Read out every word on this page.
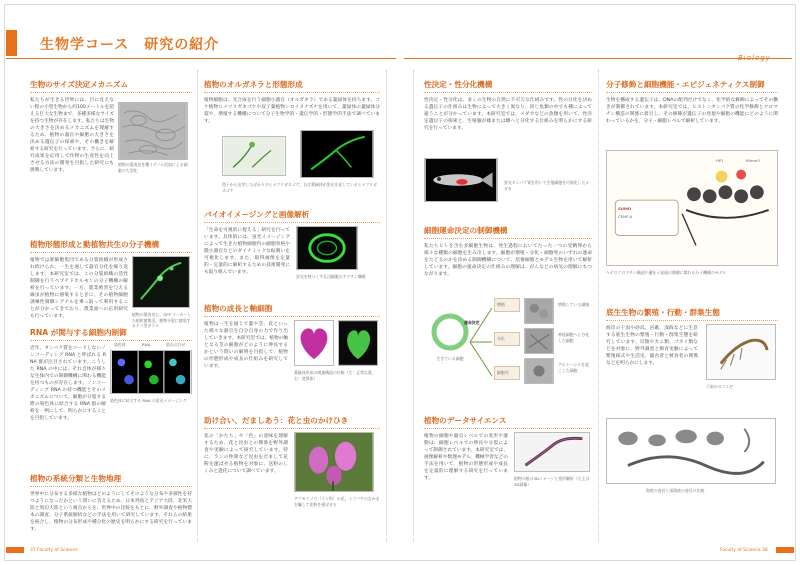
生物学コース　研究の紹介
Biology
生物のサイズ決定メカニズム
私たちが生きる世界には、目に見えない程の小型生物から約100メートルを超える巨大な生物まで、多種多様なサイズを持つ生物が存在します。私たちは生物の大きさを決めるメカニズムを理解するため、植物の器官や細胞の大きさを決める遺伝子の探索や、その働きを解析する研究を行っています。さらに、研究成果を応用して作物の生産性を向上させる方法の開発を目指した研究にも挑戦しています。
植物の葉表皮を覆うゲノム倍加による細胞の大型化
植物形態形成と動植物共生の分子機構
植物では胚細胞集団である分裂組織が形成され続けられ、一生を通して器官分化を繰り返します。本研究室では、この分裂組織の活性制御を行うペプチドホルモンの分子機構の解析を行っています。一方、農業被害を与える線虫が植物に感染するときに、その植物細胞誘導性制御シグナルを乗っ取って利用することが分かってきており、農業面への応用研究も行っています。	植物の葉表皮に、GFP マーカーした根粒菌集団。植物分裂に感染するテコ型ガラス
RNA が関与する細胞内制御
染色体	RNA	重ね合わせ
近年、タンパク質をコードしないノンコーディング RNA と呼ばれる RNA 群が注目されています。こうした RNA の中には、それ自体が様々な生体内での制御機構に関わる機能を持つものが存在します。ノンコーディング RNA の持つ機能とそのメカニズムについて、細胞が分裂する際の染色体に結合する RNA 群の解析を一例にして、明らかにすることを目指しています。
染色体に結合する RNA の蛍光イメージング
植物の系統分類と生物地理
世界中に分布する多様な植物はどのようにしてそのような分布や多様性を持つようになったかという問いに答えるため、日本列島とアジア大陸、北米大陸と周辺大陸という視点からを、世界中の比較をもとに、野外調査や植物標本の調査、分子系統解析などの手法を用いて研究しています。それらの結果を統合し、植物の分布形成や種分化の歴史を明らかにする研究を行っています。
植物のオルガネラと形態形成
植物細胞は、光合成を行う細胞小器官（オルガネラ）である葉緑体を持ちます。コケ植物ヒメツリガネゴケや双子葉植物シロイヌナズナを用いて、葉緑体の葉緑体分裂や、増殖する機構について分子生物学的・遺伝学的・形態学的手法で調べています。
図子から出芽したばかりのヒメツリガネゴケ。右は葉緑体が蛍光を発しているヒメツリガネゴケ
バイオイメージングと画像解析
「生命を可視的に捉える」研究を行っています。具体的には、蛍光イメージングによって生きた植物細胞内の細胞骨格や膜小器官などのダイナミックな振舞いを可視化します。また、取得画像を定量的・定量的に解析するための技術開発にも取り組んでいます。
蛍光を持つくす孔辺細胞のアクチン繊維
植物の成長と軸細胞
植物は一生を通じて葉や茎、花といった様々な器官を自分自身の力で作り出していきます。本研究室では、植物の軸となる茎の細胞がどのように伸長するかという問いの解明を目指して、植物の形態形成や成長の仕組みを研究しています。
葉緑体形成の関連構造の比較（左：正常な葉、右：変異体）
助け合い、だましあう：花と虫のかけひき
花の「かたち」や「色」の意味を理解するため、花と昆虫との関係を野外調査や実験によって研究しています。特に、ランの仲間など昆虫をだまして花粉を運ばせる植物を対象に、送粉のしくみと進化について調べています。
アツモリソウ（ラン科）の花。ミツバチのなかまを騙して花粉を運ばせる
性決定・性分化機構
性決定・性分化は、多くの生物の自然に不可欠な仕組みです。性の分化を決める遺伝子の仕組みは生物によって大きく異なり、同じ魚類の中でも種によって違うことが分かっています。本研究室では、メダカなどの魚類を用いて、性決定遺伝子の探索と、生殖腺が雄または雌へと分化する仕組みを明らかにする研究を行っています。
蛍光タンパク質を用いて生殖細胞を可視化したメダカ
細胞運命決定の制御機構
私たちヒトを含む多細胞生物は、発生過程においてたった一つの受精卵から様々な種類の細胞を生み出します。細胞が増殖・分化・細胞死のいずれの運命をたどるのかを決める制御機構について、培養細胞とモデル生物を用いて解析しています。細胞の運命決定の仕組みの理解は、がんなどの病気の理解にもつながります。
生きている細胞
運命決定
増殖
分化
細胞死
増殖している細胞
神経細胞へと分化した細胞
アポトーシスを起こした細胞
植物のデータサイエンス
植物の細胞や器官レベルでの変形や運動は、細胞レベルでの伸長や分裂によって制御されています。本研究室では、画像解析や数理モデル、機械学習などの手法を用いて、植物の形態形成や成長を定量的に理解する研究を行っています。	植物の根の3Dイメージと変形解析（左上は3D画像）
分子修飾と細胞機能・エピジェネティクス制御
生物を構成する遺伝子は、DNAの配列だけでなく、化学的な修飾によってその働きが制御されています。本研究室では、ヒストンタンパク質の化学修飾とクロマチン構造の関係に着目し、その修飾が遺伝子の発現や細胞の機能にどのように関わっているかを、分子・細胞レベルで解析しています。
SUMO
CENP-A
HP1	K9me3
ヘテロクロマチン構造や遺伝子発現の制御に関わる分子機構のモデル
底生生物の繁殖・行動・群集生態
海岸の干潟や砂浜、岩礁、深海などに生息する底生生物の繁殖・行動・群集生態を研究しています。貝類やカニ類、ゴカイ類などを対象に、野外調査と飼育実験によって繁殖様式や生活史、捕食者と被食者の関係などを明らかにします。
干潟のヨコエビ
海底の巻貝と深海底の巻貝の比較
37 Faculty of Science	Faculty of Science 38
